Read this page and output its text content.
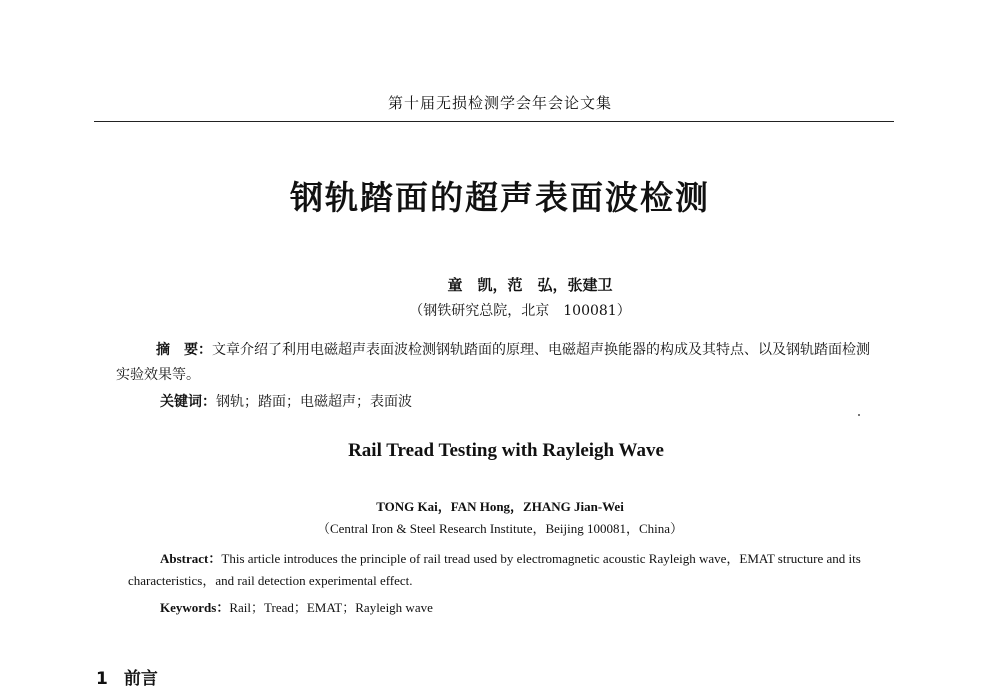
第十届无损检测学会年会论文集
钢轨踏面的超声表面波检测
童　凯，范　弘，张建卫
（钢铁研究总院，北京　100081）
摘　要：文章介绍了利用电磁超声表面波检测钢轨踏面的原理、电磁超声换能器的构成及其特点、以及钢轨踏面检测实验效果等。
关键词：钢轨；踏面；电磁超声；表面波
Rail Tread Testing with Rayleigh Wave
TONG Kai，FAN Hong，ZHANG Jian-Wei
（Central Iron & Steel Research Institute，Beijing 100081，China）
Abstract：This article introduces the principle of rail tread used by electromagnetic acoustic Rayleigh wave，EMAT structure and its characteristics，and rail detection experimental effect.
Keywords：Rail；Tread；EMAT；Rayleigh wave
1 前言
